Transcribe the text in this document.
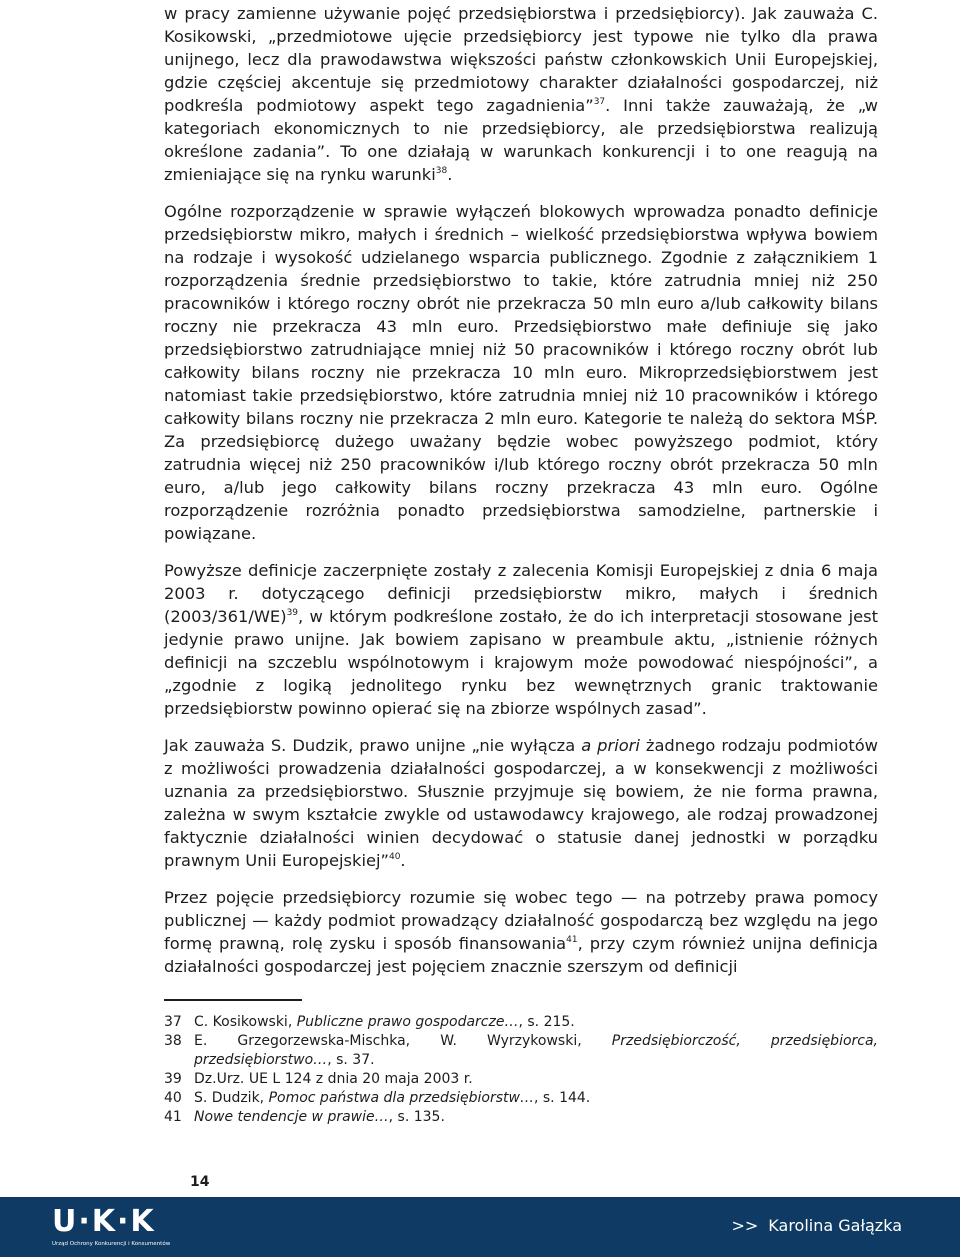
w pracy zamienne używanie pojęć przedsiębiorstwa i przedsiębiorcy). Jak zauważa C. Kosikowski, „przedmiotowe ujęcie przedsiębiorcy jest typowe nie tylko dla prawa unijnego, lecz dla prawodawstwa większości państw członkowskich Unii Europejskiej, gdzie częściej akcentuje się przedmiotowy charakter działalności gospodarczej, niż podkreśla podmiotowy aspekt tego zagadnienia”$^{37}$. Inni także zauważają, że „w kategoriach ekonomicznych to nie przedsiębiorcy, ale przedsiębiorstwa realizują określone zadania”. To one działają w warunkach konkurencji i to one reagują na zmieniające się na rynku warunki$^{38}$.

Ogólne rozporządzenie w sprawie wyłączeń blokowych wprowadza ponadto definicje przedsiębiorstw mikro, małych i średnich – wielkość przedsiębiorstwa wpływa bowiem na rodzaje i wysokość udzielanego wsparcia publicznego. Zgodnie z załącznikiem 1 rozporządzenia średnie przedsiębiorstwo to takie, które zatrudnia mniej niż 250 pracowników i którego roczny obrót nie przekracza 50 mln euro a/lub całkowity bilans roczny nie przekracza 43 mln euro. Przedsiębiorstwo małe definiuje się jako przedsiębiorstwo zatrudniające mniej niż 50 pracowników i którego roczny obrót lub całkowity bilans roczny nie przekracza 10 mln euro. Mikroprzedsiębiorstwem jest natomiast takie przedsiębiorstwo, które zatrudnia mniej niż 10 pracowników i którego całkowity bilans roczny nie przekracza 2 mln euro. Kategorie te należą do sektora MŚP. Za przedsiębiorcę dużego uważany będzie wobec powyższego podmiot, który zatrudnia więcej niż 250 pracowników i/lub którego roczny obrót przekracza 50 mln euro, a/lub jego całkowity bilans roczny przekracza 43 mln euro. Ogólne rozporządzenie rozróżnia ponadto przedsiębiorstwa samodzielne, partnerskie i powiązane.

Powyższe definicje zaczerpnięte zostały z zalecenia Komisji Europejskiej z dnia 6 maja 2003 r. dotyczącego definicji przedsiębiorstw mikro, małych i średnich $(2003/361/WE)^{39}$, w którym podkreślone zostało, że do ich interpretacji stosowane jest jedynie prawo unijne. Jak bowiem zapisano w preambule aktu, „istnienie różnych definicji na szczeblu wspólnotowym i krajowym może powodować niespójności”, a „zgodnie z logiką jednolitego rynku bez wewnętrznych granic traktowanie przedsiębiorstw powinno opierać się na zbiorze wspólnych zasad”.

Jak zauważa S. Dudzik, prawo unijne „nie wyłącza a priori żadnego rodzaju podmiotów z możliwości prowadzenia działalności gospodarczej, a w konsekwencji z możliwości uznania za przedsiębiorstwo. Słusznie przyjmuje się bowiem, że nie forma prawna, zależna w swym kształcie zwykle od ustawodawcy krajowego, ale rodzaj prowadzonej faktycznie działalności winien decydować o statusie danej jednostki w porządku prawnym Unii Europejskiej”$^{40}$.

Przez pojęcie przedsiębiorcy rozumie się wobec tego — na potrzeby prawa pomocy publicznej — każdy podmiot prowadzący działalność gospodarczą bez względu na jego formę prawną, rolę zysku i sposób finansowania$^{41}$, przy czym również unijna definicja działalności gospodarczej jest pojęciem znacznie szerszym od definicji

37 C. Kosikowski, Publiczne prawo gospodarcze…, s. 215.
38 E. Grzegorzewska-Mischka, W. Wyrzykowski, Przedsiębiorczość, przedsiębiorca, przedsiębiorstwo…, s. 37.
39 Dz.Urz. UE L 124 z dnia 20 maja 2003 r.
40 S. Dudzik, Pomoc państwa dla przedsiębiorstw…, s. 144.
41 Nowe tendencje w prawie…, s. 135.
14
U·K·K
Urząd Ochrony Konkurencji i Konsumentów
>> Karolina Gałązka
